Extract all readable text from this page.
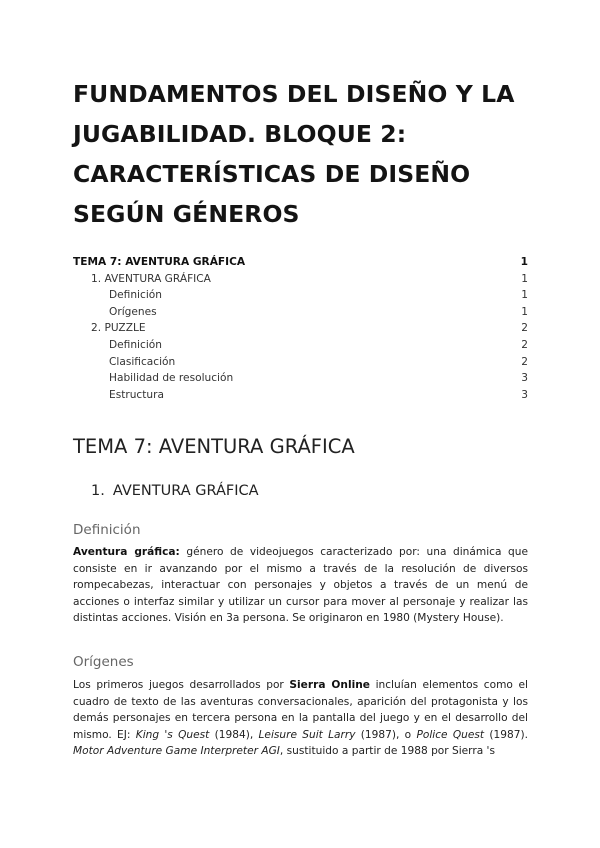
FUNDAMENTOS DEL DISEÑO Y LA JUGABILIDAD. BLOQUE 2: CARACTERÍSTICAS DE DISEÑO SEGÚN GÉNEROS
TEMA 7: AVENTURA GRÁFICA	1
1. AVENTURA GRÁFICA	1
Definición	1
Orígenes	1
2. PUZZLE	2
Definición	2
Clasificación	2
Habilidad de resolución	3
Estructura	3
TEMA 7: AVENTURA GRÁFICA
1. AVENTURA GRÁFICA
Definición

Aventura gráfica: género de videojuegos caracterizado por: una dinámica que consiste en ir avanzando por el mismo a través de la resolución de diversos rompecabezas, interactuar con personajes y objetos a través de un menú de acciones o interfaz similar y utilizar un cursor para mover al personaje y realizar las distintas acciones. Visión en 3a persona. Se originaron en 1980 (Mystery House).

Orígenes

Los primeros juegos desarrollados por Sierra Online incluían elementos como el cuadro de texto de las aventuras conversacionales, aparición del protagonista y los demás personajes en tercera persona en la pantalla del juego y en el desarrollo del mismo. EJ: King 's Quest (1984), Leisure Suit Larry (1987), o Police Quest (1987). Motor Adventure Game Interpreter AGI, sustituido a partir de 1988 por Sierra 's
